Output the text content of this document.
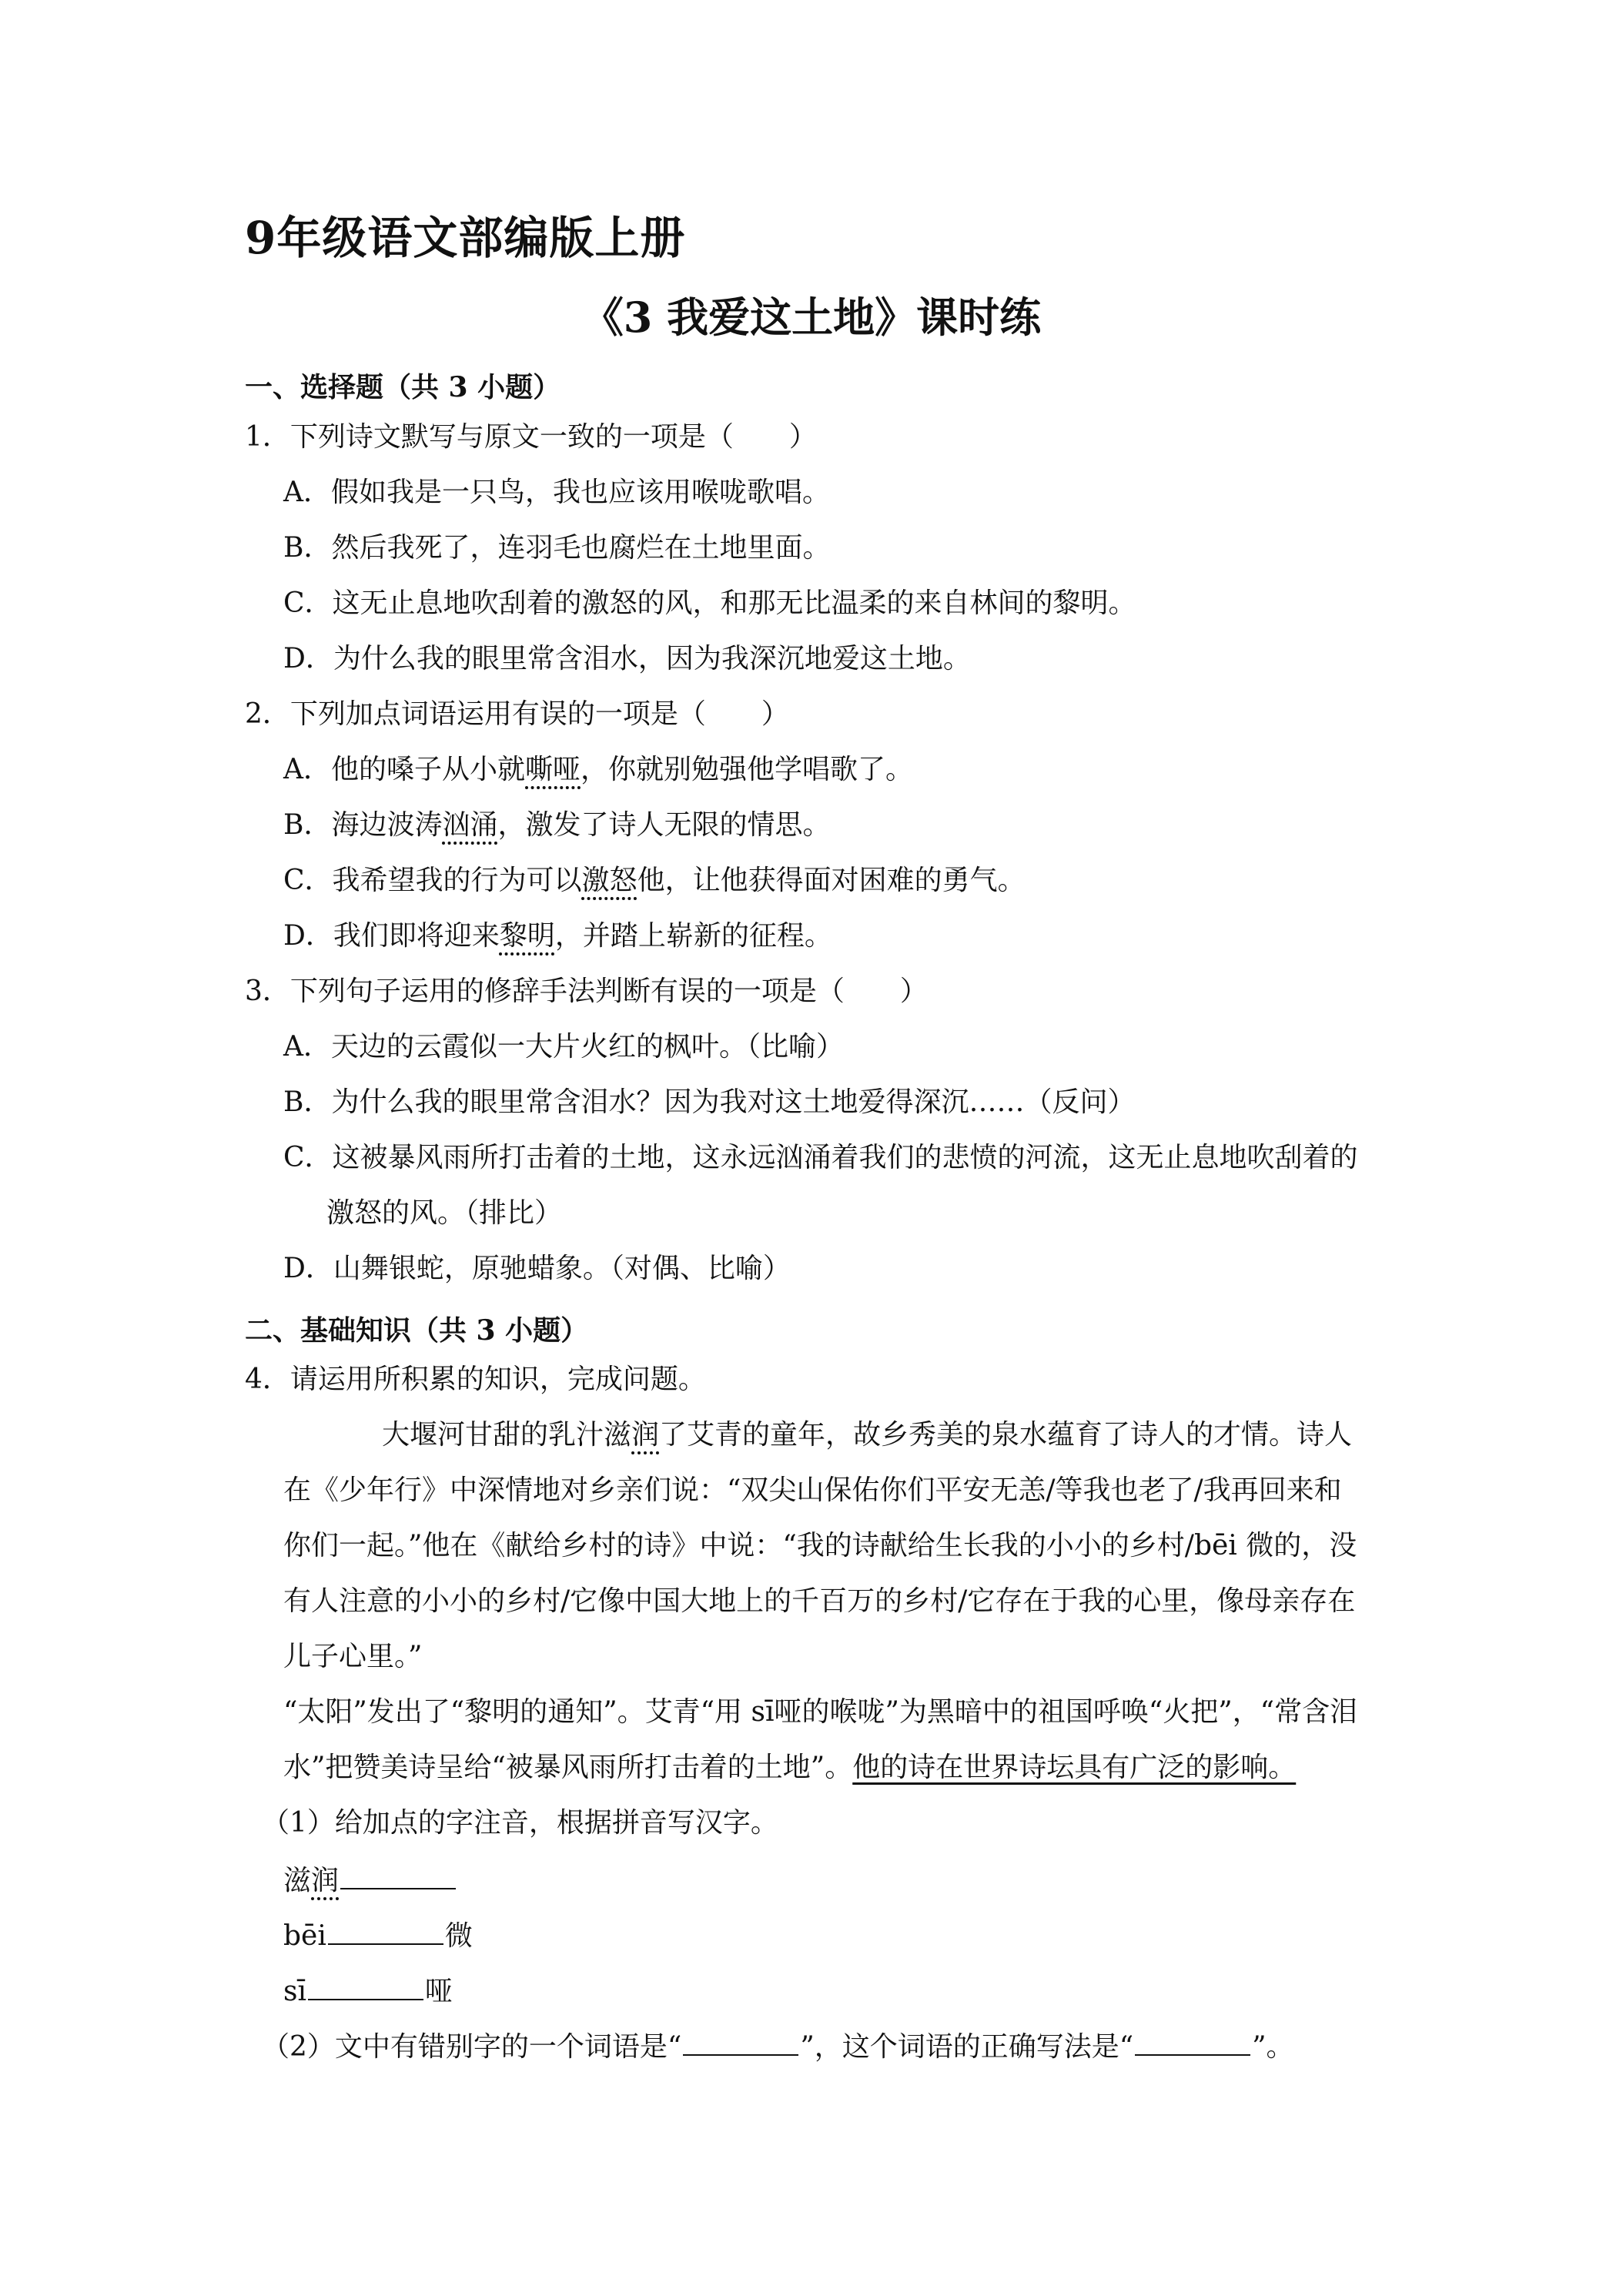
9年级语文部编版上册
《3 我爱这土地》课时练
一、选择题（共 3 小题）
1．下列诗文默写与原文一致的一项是（　　）
A．假如我是一只鸟，我也应该用喉咙歌唱。
B．然后我死了，连羽毛也腐烂在土地里面。
C．这无止息地吹刮着的激怒的风，和那无比温柔的来自林间的黎明。
D．为什么我的眼里常含泪水，因为我深沉地爱这土地。
2．下列加点词语运用有误的一项是（　　）
A．他的嗓子从小就嘶哑，你就别勉强他学唱歌了。
B．海边波涛汹涌，激发了诗人无限的情思。
C．我希望我的行为可以激怒他，让他获得面对困难的勇气。
D．我们即将迎来黎明，并踏上崭新的征程。
3．下列句子运用的修辞手法判断有误的一项是（　　）
A．天边的云霞似一大片火红的枫叶。（比喻）
B．为什么我的眼里常含泪水？因为我对这土地爱得深沉……（反问）
C．这被暴风雨所打击着的土地，这永远汹涌着我们的悲愤的河流，这无止息地吹刮着的
激怒的风。（排比）
D．山舞银蛇，原驰蜡象。（对偶、比喻）
二、基础知识（共 3 小题）
4．请运用所积累的知识，完成问题。
大堰河甘甜的乳汁滋润了艾青的童年，故乡秀美的泉水蕴育了诗人的才情。诗人
在《少年行》中深情地对乡亲们说：“双尖山保佑你们平安无恙/等我也老了/我再回来和
你们一起。”他在《献给乡村的诗》中说：“我的诗献给生长我的小小的乡村/bēi 微的，没
有人注意的小小的乡村/它像中国大地上的千百万的乡村/它存在于我的心里，像母亲存在
儿子心里。”
“太阳”发出了“黎明的通知”。艾青“用 sī哑的喉咙”为黑暗中的祖国呼唤“火把”，“常含泪
水”把赞美诗呈给“被暴风雨所打击着的土地”。他的诗在世界诗坛具有广泛的影响。
（1）给加点的字注音，根据拼音写汉字。
滋润
bēi	微
sī	哑
（2）文中有错别字的一个词语是“	”，这个词语的正确写法是“	”。
